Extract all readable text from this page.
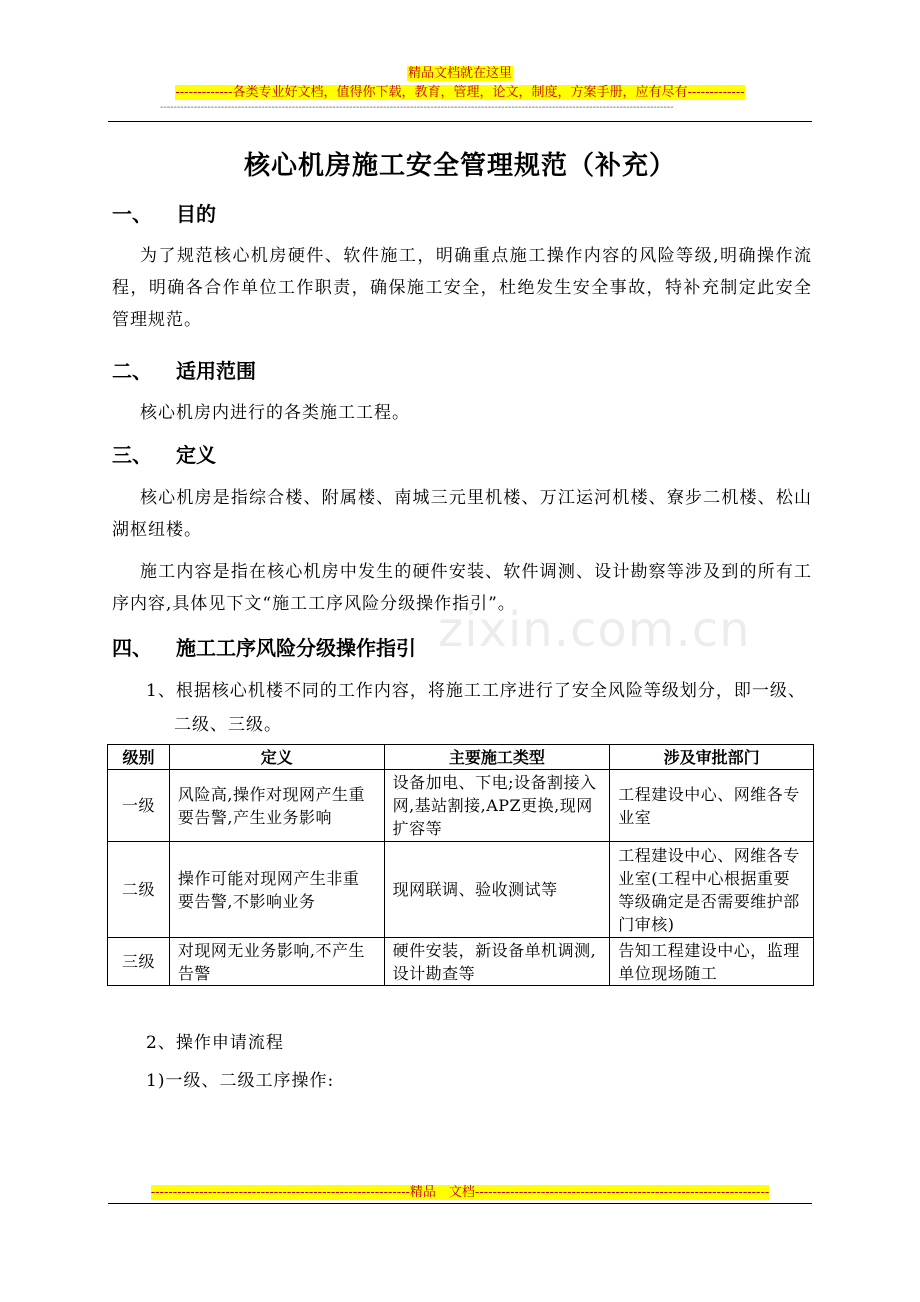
精品文档就在这里
-------------各类专业好文档，值得你下载，教育，管理，论文，制度，方案手册，应有尽有-------------
--------------------------------------------------------------------------------------------------------------------------------------------------------
zixin.com.cn
核心机房施工安全管理规范（补充）
一、 目的
为了规范核心机房硬件、软件施工，明确重点施工操作内容的风险等级,明确操作流程，明确各合作单位工作职责，确保施工安全，杜绝发生安全事故，特补充制定此安全管理规范。
二、 适用范围
核心机房内进行的各类施工工程。
三、 定义
核心机房是指综合楼、附属楼、南城三元里机楼、万江运河机楼、寮步二机楼、松山湖枢纽楼。
施工内容是指在核心机房中发生的硬件安装、软件调测、设计勘察等涉及到的所有工序内容,具体见下文“施工工序风险分级操作指引”。
四、 施工工序风险分级操作指引
1、根据核心机楼不同的工作内容，将施工工序进行了安全风险等级划分，即一级、
二级、三级。
级别	定义	主要施工类型	涉及审批部门
一级	风险高,操作对现网产生重要告警,产生业务影响	设备加电、下电;设备割接入网,基站割接,APZ更换,现网扩容等	工程建设中心、网维各专业室
二级	操作可能对现网产生非重要告警,不影响业务	现网联调、验收测试等	工程建设中心、网维各专业室(工程中心根据重要等级确定是否需要维护部门审核)
三级	对现网无业务影响,不产生告警	硬件安装，新设备单机调测,设计勘查等	告知工程建设中心，监理单位现场随工
2、操作申请流程
1)一级、二级工序操作:
-----------------------------------------------------------精品　文档-------------------------------------------------------------------
